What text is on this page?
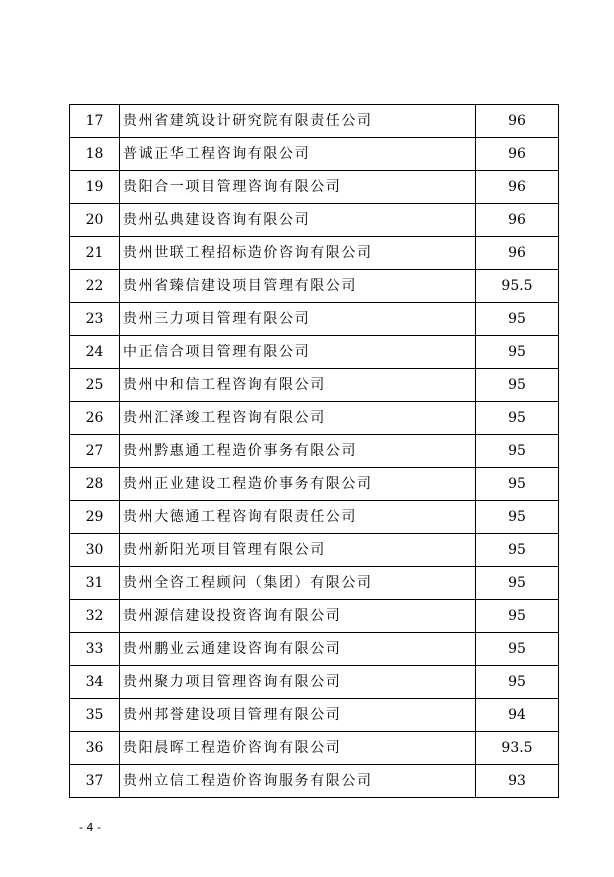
17	贵州省建筑设计研究院有限责任公司	96
18	普诚正华工程咨询有限公司	96
19	贵阳合一项目管理咨询有限公司	96
20	贵州弘典建设咨询有限公司	96
21	贵州世联工程招标造价咨询有限公司	96
22	贵州省臻信建设项目管理有限公司	95.5
23	贵州三力项目管理有限公司	95
24	中正信合项目管理有限公司	95
25	贵州中和信工程咨询有限公司	95
26	贵州汇泽竣工程咨询有限公司	95
27	贵州黔惠通工程造价事务有限公司	95
28	贵州正业建设工程造价事务有限公司	95
29	贵州大德通工程咨询有限责任公司	95
30	贵州新阳光项目管理有限公司	95
31	贵州全咨工程顾问（集团）有限公司	95
32	贵州源信建设投资咨询有限公司	95
33	贵州鹏业云通建设咨询有限公司	95
34	贵州聚力项目管理咨询有限公司	95
35	贵州邦誉建设项目管理有限公司	94
36	贵阳晨晖工程造价咨询有限公司	93.5
37	贵州立信工程造价咨询服务有限公司	93
- 4 -
